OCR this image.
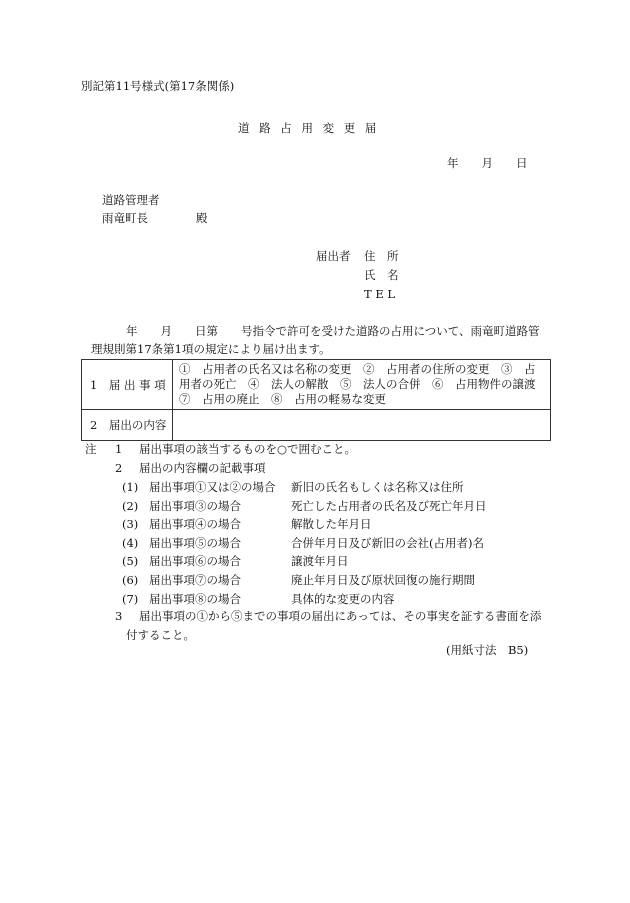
別記第11号様式(第17条関係)
道 路 占 用 変 更 届
年　　月　　日
道路管理者
雨竜町長	殿
届出者 住　所
氏　名
T E L
年　　月　　日第　　号指令で許可を受けた道路の占用について、雨竜町道路管
理規則第17条第1項の規定により届け出ます。
1　届 出 事 項	①　占用者の氏名又は名称の変更　②　占用者の住所の変更　③　占用者の死亡　④　法人の解散　⑤　法人の合併　⑥　占用物件の譲渡　⑦　占用の廃止　⑧　占用の軽易な変更
2　届出の内容	
注 1 届出事項の該当するものを○で囲むこと。
2 届出の内容欄の記載事項
(1) 届出事項①又は②の場合 新旧の氏名もしくは名称又は住所
(2) 届出事項③の場合	死亡した占用者の氏名及び死亡年月日
(3) 届出事項④の場合	解散した年月日
(4) 届出事項⑤の場合	合併年月日及び新旧の会社(占用者)名
(5) 届出事項⑥の場合	譲渡年月日
(6) 届出事項⑦の場合	廃止年月日及び原状回復の施行期間
(7) 届出事項⑧の場合	具体的な変更の内容
3 届出事項の①から⑤までの事項の届出にあっては、その事実を証する書面を添
付すること。
(用紙寸法　B5)
